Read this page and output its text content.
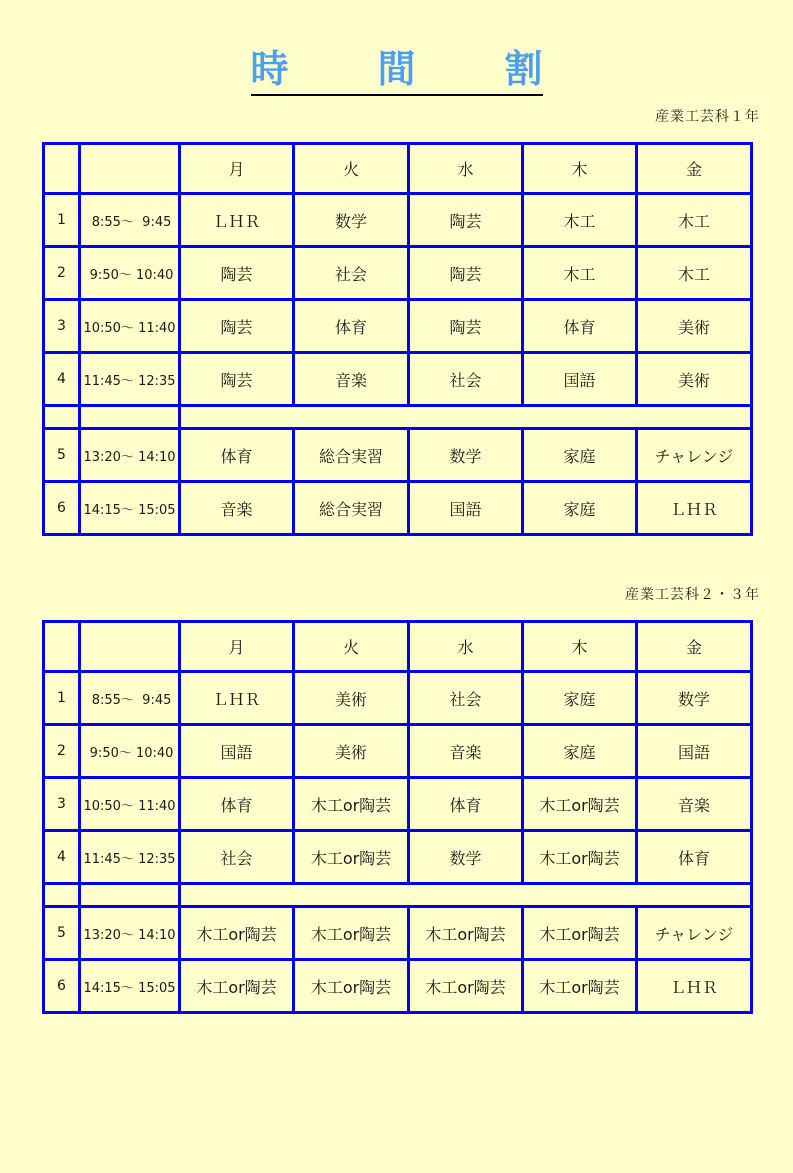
時 間 割
産業工芸科１年
		月	火	水	木	金
1	8:55～  9:45	ＬＨＲ	数学	陶芸	木工	木工
2	9:50～ 10:40	陶芸	社会	陶芸	木工	木工
3	10:50～ 11:40	陶芸	体育	陶芸	体育	美術
4	11:45～ 12:35	陶芸	音楽	社会	国語	美術

5	13:20～ 14:10	体育	総合実習	数学	家庭	チャレンジ
6	14:15～ 15:05	音楽	総合実習	国語	家庭	ＬＨＲ
産業工芸科２・３年
		月	火	水	木	金
1	8:55～  9:45	ＬＨＲ	美術	社会	家庭	数学
2	9:50～ 10:40	国語	美術	音楽	家庭	国語
3	10:50～ 11:40	体育	木工or陶芸	体育	木工or陶芸	音楽
4	11:45～ 12:35	社会	木工or陶芸	数学	木工or陶芸	体育

5	13:20～ 14:10	木工or陶芸	木工or陶芸	木工or陶芸	木工or陶芸	チャレンジ
6	14:15～ 15:05	木工or陶芸	木工or陶芸	木工or陶芸	木工or陶芸	ＬＨＲ
